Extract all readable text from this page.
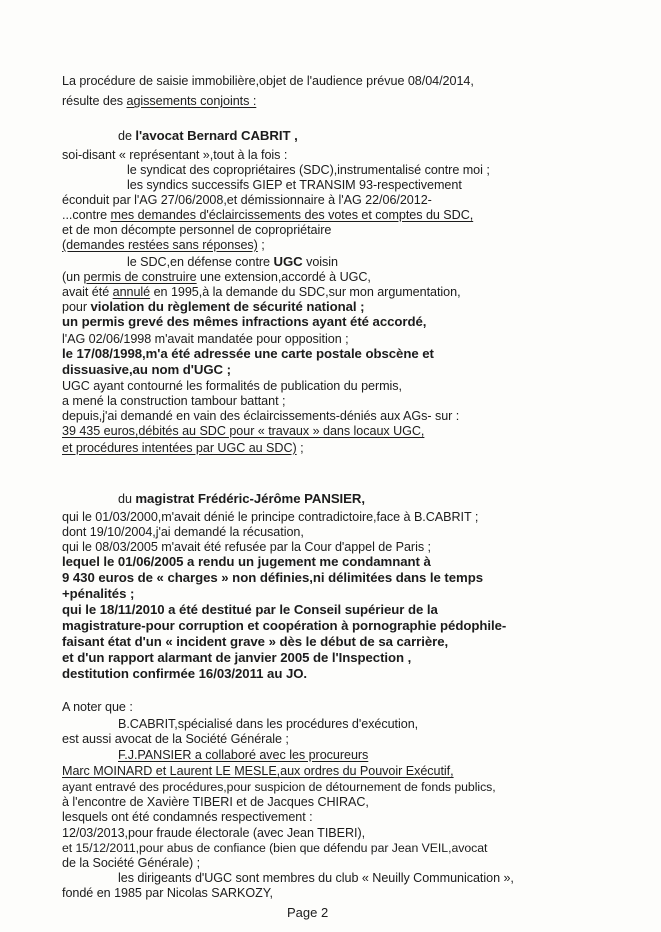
La procédure de saisie immobilière,objet de l'audience prévue 08/04/2014,
résulte des agissements conjoints :
de l'avocat Bernard CABRIT ,
soi-disant « représentant »,tout à la fois :
le syndicat des copropriétaires (SDC),instrumentalisé contre moi ;
les syndics successifs GIEP et TRANSIM 93-respectivement
éconduit par l'AG 27/06/2008,et démissionnaire à l'AG 22/06/2012-
...contre mes demandes d'éclaircissements des votes et comptes du SDC,
et de mon décompte personnel de copropriétaire
(demandes restées sans réponses) ;
le SDC,en défense contre UGC voisin
(un permis de construire une extension,accordé à UGC,
avait été annulé en 1995,à la demande du SDC,sur mon argumentation,
pour violation du règlement de sécurité national ;
un permis grevé des mêmes infractions ayant été accordé,
l'AG 02/06/1998 m'avait mandatée pour opposition ;
le 17/08/1998,m'a été adressée une carte postale obscène et
dissuasive,au nom d'UGC ;
UGC ayant contourné les formalités de publication du permis,
a mené la construction tambour battant ;
depuis,j'ai demandé en vain des éclaircissements-déniés aux AGs- sur :
39 435 euros,débités au SDC pour « travaux » dans locaux UGC,
et procédures intentées par UGC au SDC) ;
du magistrat Frédéric-Jérôme PANSIER,
qui le 01/03/2000,m'avait dénié le principe contradictoire,face à B.CABRIT ;
dont 19/10/2004,j'ai demandé la récusation,
qui le 08/03/2005 m'avait été refusée par la Cour d'appel de Paris ;
lequel le 01/06/2005 a rendu un jugement me condamnant à
9 430 euros de « charges » non définies,ni délimitées dans le temps
+pénalités ;
qui le 18/11/2010 a été destitué par le Conseil supérieur de la
magistrature-pour corruption et coopération à pornographie pédophile-
faisant état d'un « incident grave » dès le début de sa carrière,
et d'un rapport alarmant de janvier 2005 de l'Inspection ,
destitution confirmée 16/03/2011 au JO.
A noter que :
B.CABRIT,spécialisé dans les procédures d'exécution,
est aussi avocat de la Société Générale ;
F.J.PANSIER a collaboré avec les procureurs
Marc MOINARD et Laurent LE MESLE,aux ordres du Pouvoir Exécutif,
ayant entravé des procédures,pour suspicion de détournement de fonds publics,
à l'encontre de Xavière TIBERI et de Jacques CHIRAC,
lesquels ont été condamnés respectivement :
12/03/2013,pour fraude électorale (avec Jean TIBERI),
et 15/12/2011,pour abus de confiance (bien que défendu par Jean VEIL,avocat
de la Société Générale) ;
les dirigeants d'UGC sont membres du club « Neuilly Communication »,
fondé en 1985 par Nicolas SARKOZY,
Page 2
